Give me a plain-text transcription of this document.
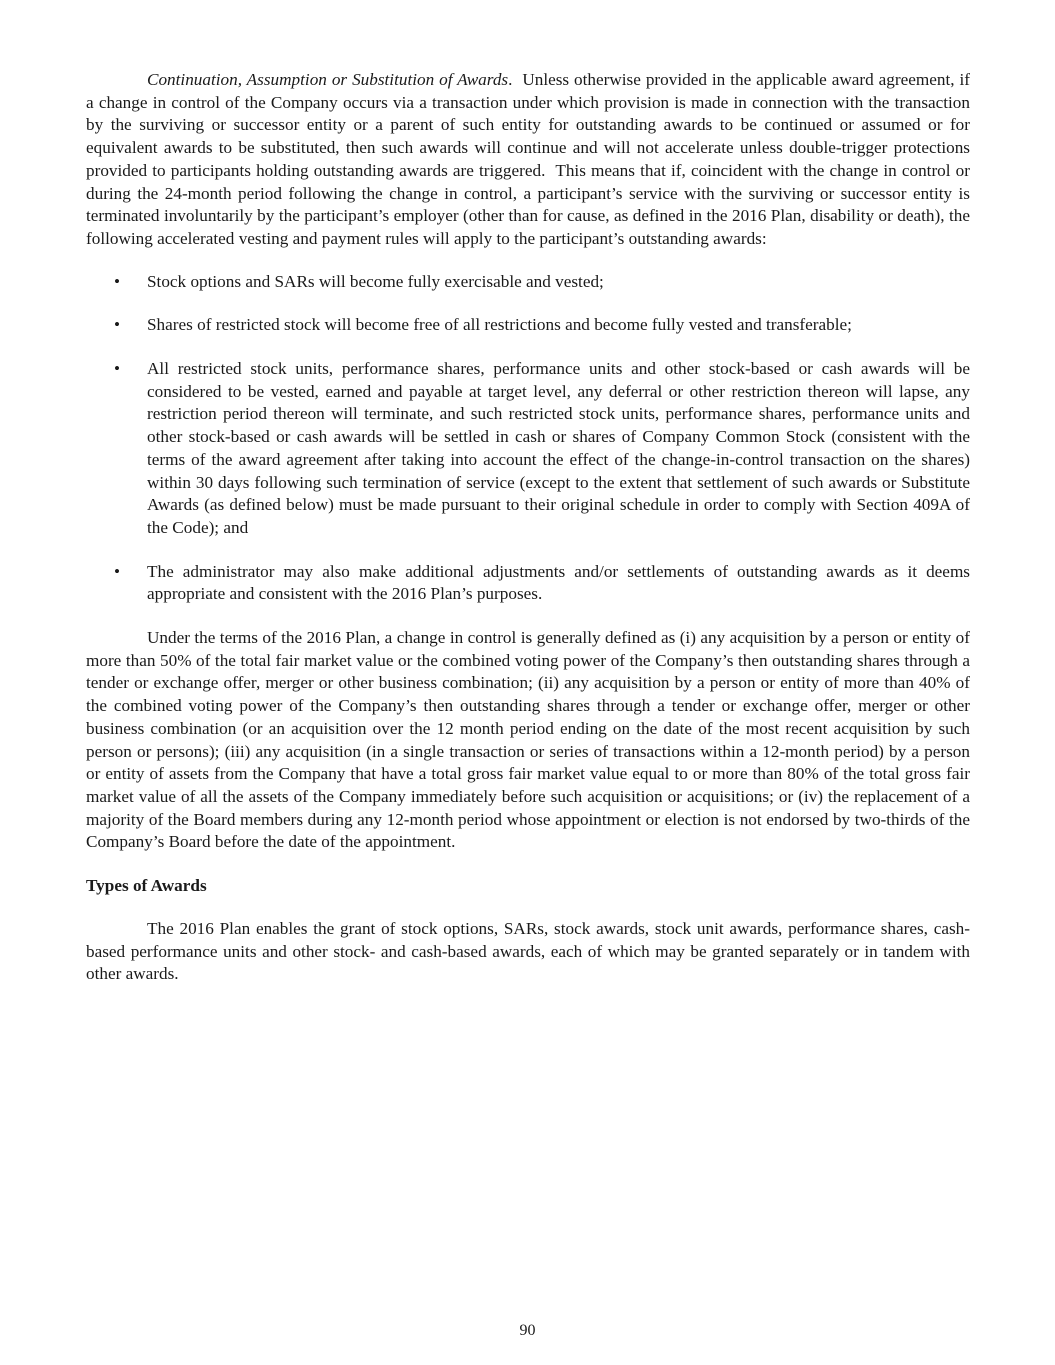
Continuation, Assumption or Substitution of Awards.  Unless otherwise provided in the applicable award agreement, if a change in control of the Company occurs via a transaction under which provision is made in connection with the transaction by the surviving or successor entity or a parent of such entity for outstanding awards to be continued or assumed or for equivalent awards to be substituted, then such awards will continue and will not accelerate unless double-trigger protections provided to participants holding outstanding awards are triggered.  This means that if, coincident with the change in control or during the 24-month period following the change in control, a participant’s service with the surviving or successor entity is terminated involuntarily by the participant’s employer (other than for cause, as defined in the 2016 Plan, disability or death), the following accelerated vesting and payment rules will apply to the participant’s outstanding awards:

• Stock options and SARs will become fully exercisable and vested;
• Shares of restricted stock will become free of all restrictions and become fully vested and transferable;
• All restricted stock units, performance shares, performance units and other stock-based or cash awards will be considered to be vested, earned and payable at target level, any deferral or other restriction thereon will lapse, any restriction period thereon will terminate, and such restricted stock units, performance shares, performance units and other stock-based or cash awards will be settled in cash or shares of Company Common Stock (consistent with the terms of the award agreement after taking into account the effect of the change-in-control transaction on the shares) within 30 days following such termination of service (except to the extent that settlement of such awards or Substitute Awards (as defined below) must be made pursuant to their original schedule in order to comply with Section 409A of the Code); and
• The administrator may also make additional adjustments and/or settlements of outstanding awards as it deems appropriate and consistent with the 2016 Plan’s purposes.

Under the terms of the 2016 Plan, a change in control is generally defined as (i) any acquisition by a person or entity of more than 50% of the total fair market value or the combined voting power of the Company’s then outstanding shares through a tender or exchange offer, merger or other business combination; (ii) any acquisition by a person or entity of more than 40% of the combined voting power of the Company’s then outstanding shares through a tender or exchange offer, merger or other business combination (or an acquisition over the 12 month period ending on the date of the most recent acquisition by such person or persons); (iii) any acquisition (in a single transaction or series of transactions within a 12-month period) by a person or entity of assets from the Company that have a total gross fair market value equal to or more than 80% of the total gross fair market value of all the assets of the Company immediately before such acquisition or acquisitions; or (iv) the replacement of a majority of the Board members during any 12-month period whose appointment or election is not endorsed by two-thirds of the Company’s Board before the date of the appointment.

Types of Awards

The 2016 Plan enables the grant of stock options, SARs, stock awards, stock unit awards, performance shares, cash-based performance units and other stock- and cash-based awards, each of which may be granted separately or in tandem with other awards.

90
